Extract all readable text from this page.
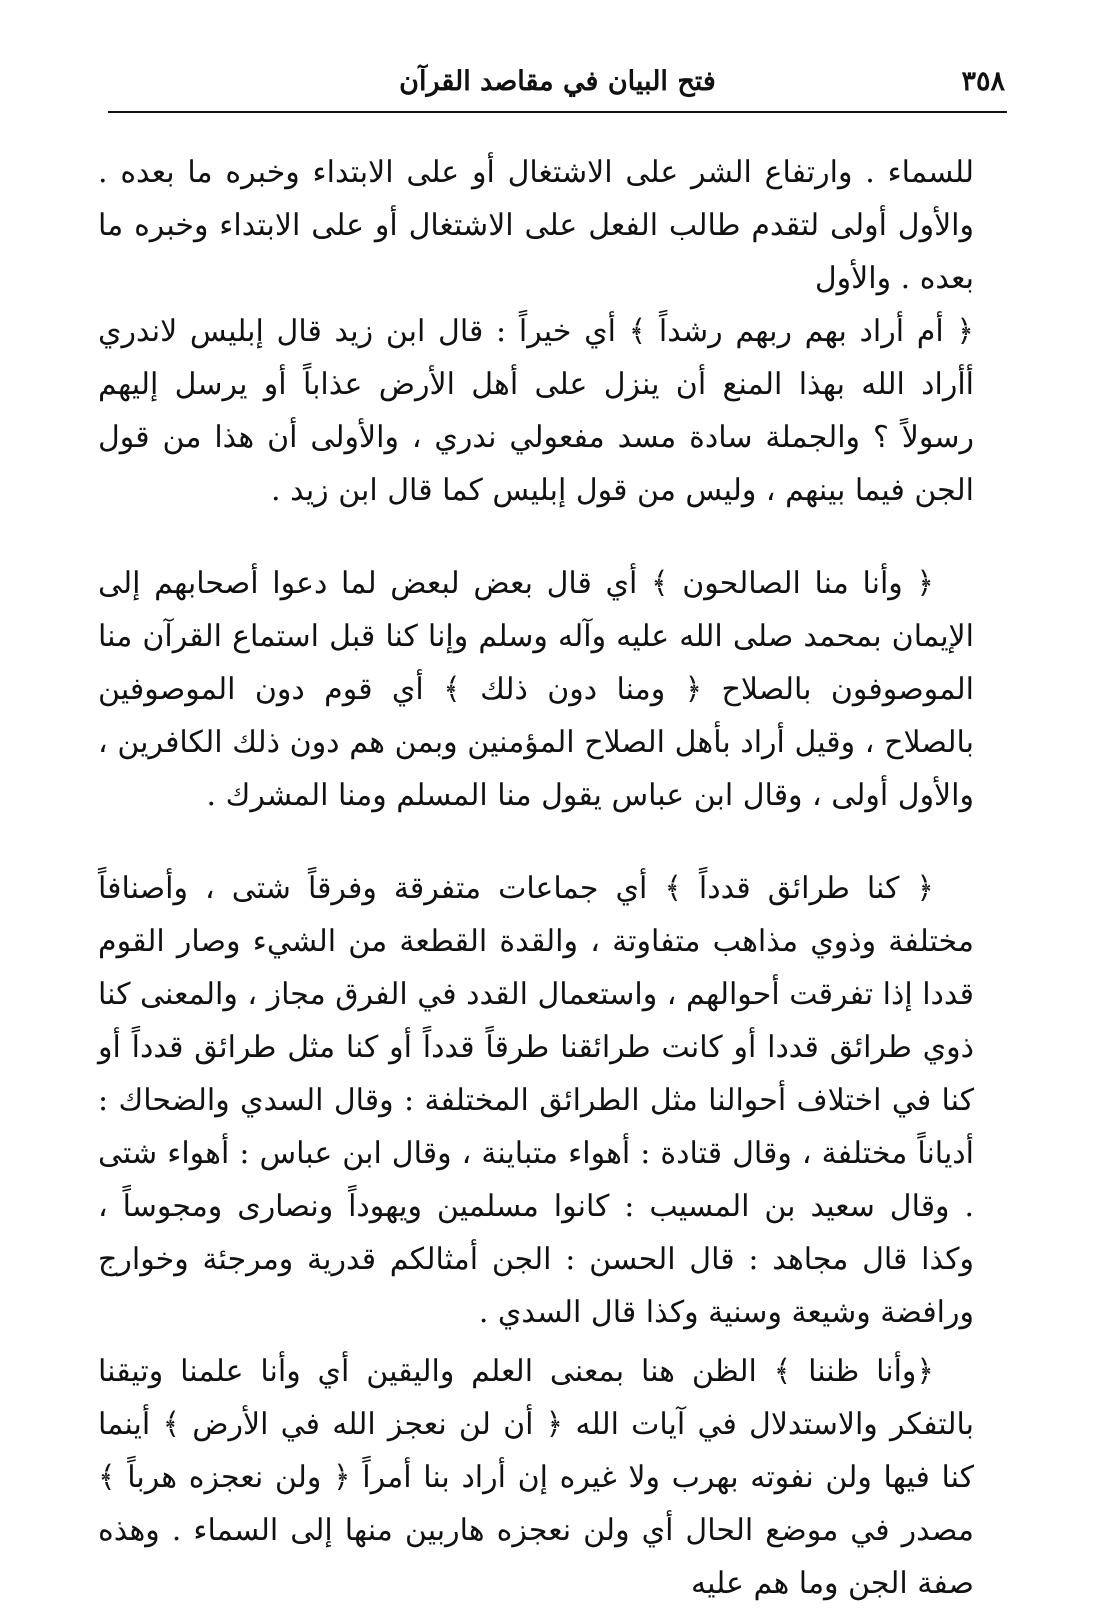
٣٥٨
فتح البيان في مقاصد القرآن

للسماء . وارتفاع الشر على الاشتغال أو على الابتداء وخبره ما بعده . والأول أولى لتقدم طالب الفعل على الاشتغال أو على الابتداء وخبره ما بعده . والأول

﴿ أم أراد بهم ربهم رشداً ﴾ أي خيراً : قال ابن زيد قال إبليس لاندري أأراد الله بهذا المنع أن ينزل على أهل الأرض عذاباً أو يرسل إليهم رسولاً ؟ والجملة سادة مسد مفعولي ندري ، والأولى أن هذا من قول الجن فيما بينهم ، وليس من قول إبليس كما قال ابن زيد .

﴿ وأنا منا الصالحون ﴾ أي قال بعض لبعض لما دعوا أصحابهم إلى الإيمان بمحمد صلى الله عليه وآله وسلم وإنا كنا قبل استماع القرآن منا الموصوفون بالصلاح ﴿ ومنا دون ذلك ﴾ أي قوم دون الموصوفين بالصلاح ، وقيل أراد بأهل الصلاح المؤمنين وبمن هم دون ذلك الكافرين ، والأول أولى ، وقال ابن عباس يقول منا المسلم ومنا المشرك .

﴿ كنا طرائق قدداً ﴾ أي جماعات متفرقة وفرقاً شتى ، وأصنافاً مختلفة وذوي مذاهب متفاوتة ، والقدة القطعة من الشيء وصار القوم قددا إذا تفرقت أحوالهم ، واستعمال القدد في الفرق مجاز ، والمعنى كنا ذوي طرائق قددا أو كانت طرائقنا طرقاً قدداً أو كنا مثل طرائق قدداً أو كنا في اختلاف أحوالنا مثل الطرائق المختلفة : وقال السدي والضحاك : أدياناً مختلفة ، وقال قتادة : أهواء متباينة ، وقال ابن عباس : أهواء شتى . وقال سعيد بن المسيب : كانوا مسلمين ويهوداً ونصارى ومجوساً ، وكذا قال مجاهد : قال الحسن : الجن أمثالكم قدرية ومرجئة وخوارج ورافضة وشيعة وسنية وكذا قال السدي .

﴿وأنا ظننا ﴾ الظن هنا بمعنى العلم واليقين أي وأنا علمنا وتيقنا بالتفكر والاستدلال في آيات الله ﴿ أن لن نعجز الله في الأرض ﴾ أينما كنا فيها ولن نفوته بهرب ولا غيره إن أراد بنا أمراً ﴿ ولن نعجزه هرباً ﴾ مصدر في موضع الحال أي ولن نعجزه هاربين منها إلى السماء . وهذه صفة الجن وما هم عليه
